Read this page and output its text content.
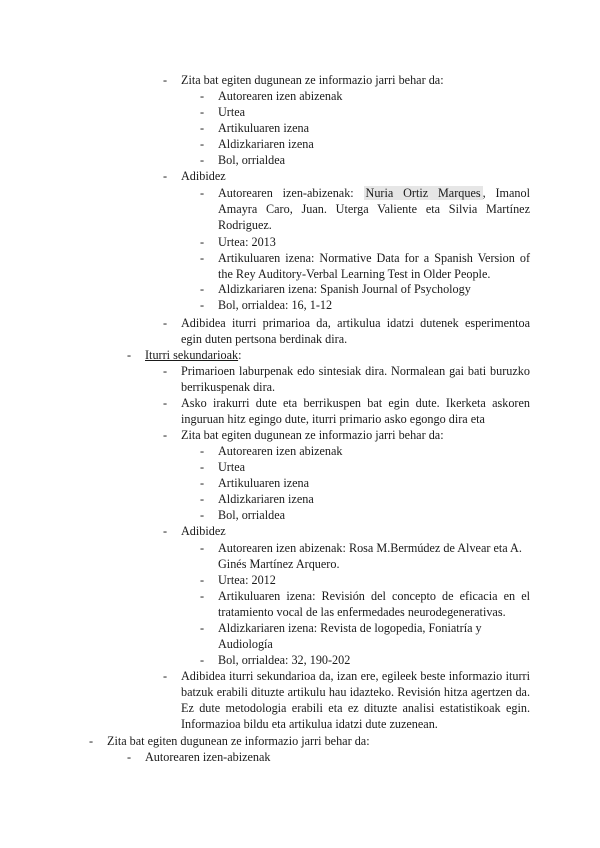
- Zita bat egiten dugunean ze informazio jarri behar da:
- Autorearen izen abizenak
- Urtea
- Artikuluaren izena
- Aldizkariaren izena
- Bol, orrialdea
- Adibidez
- Autorearen izen-abizenak: Nuria Ortiz Marques , Imanol Amayra Caro, Juan. Uterga Valiente eta Silvia Martínez Rodriguez.
- Urtea: 2013
- Artikuluaren izena: Normative Data for a Spanish Version of the Rey Auditory-Verbal Learning Test in Older People.
- Aldizkariaren izena: Spanish Journal of Psychology
- Bol, orrialdea: 16, 1-12
- Adibidea iturri primarioa da, artikulua idatzi dutenek esperimentoa egin duten pertsona berdinak dira.
- Iturri sekundarioak:
- Primarioen laburpenak edo sintesiak dira. Normalean gai bati buruzko berrikuspenak dira.
- Asko irakurri dute eta berrikuspen bat egin dute. Ikerketa askoren inguruan hitz egingo dute, iturri primario asko egongo dira eta
- Zita bat egiten dugunean ze informazio jarri behar da:
- Autorearen izen abizenak
- Urtea
- Artikuluaren izena
- Aldizkariaren izena
- Bol, orrialdea
- Adibidez
- Autorearen izen abizenak: Rosa M.Bermúdez de Alvear eta A. Ginés Martínez Arquero.
- Urtea: 2012
- Artikuluaren izena: Revisión del concepto de eficacia en el tratamiento vocal de las enfermedades neurodegenerativas.
- Aldizkariaren izena: Revista de logopedia, Foniatría y Audiología
- Bol, orrialdea: 32, 190-202
- Adibidea iturri sekundarioa da, izan ere, egileek beste informazio iturri batzuk erabili dituzte artikulu hau idazteko. Revisión hitza agertzen da. Ez dute metodologia erabili eta ez dituzte analisi estatistikoak egin. Informazioa bildu eta artikulua idatzi dute zuzenean.
- Zita bat egiten dugunean ze informazio jarri behar da:
- Autorearen izen-abizenak
